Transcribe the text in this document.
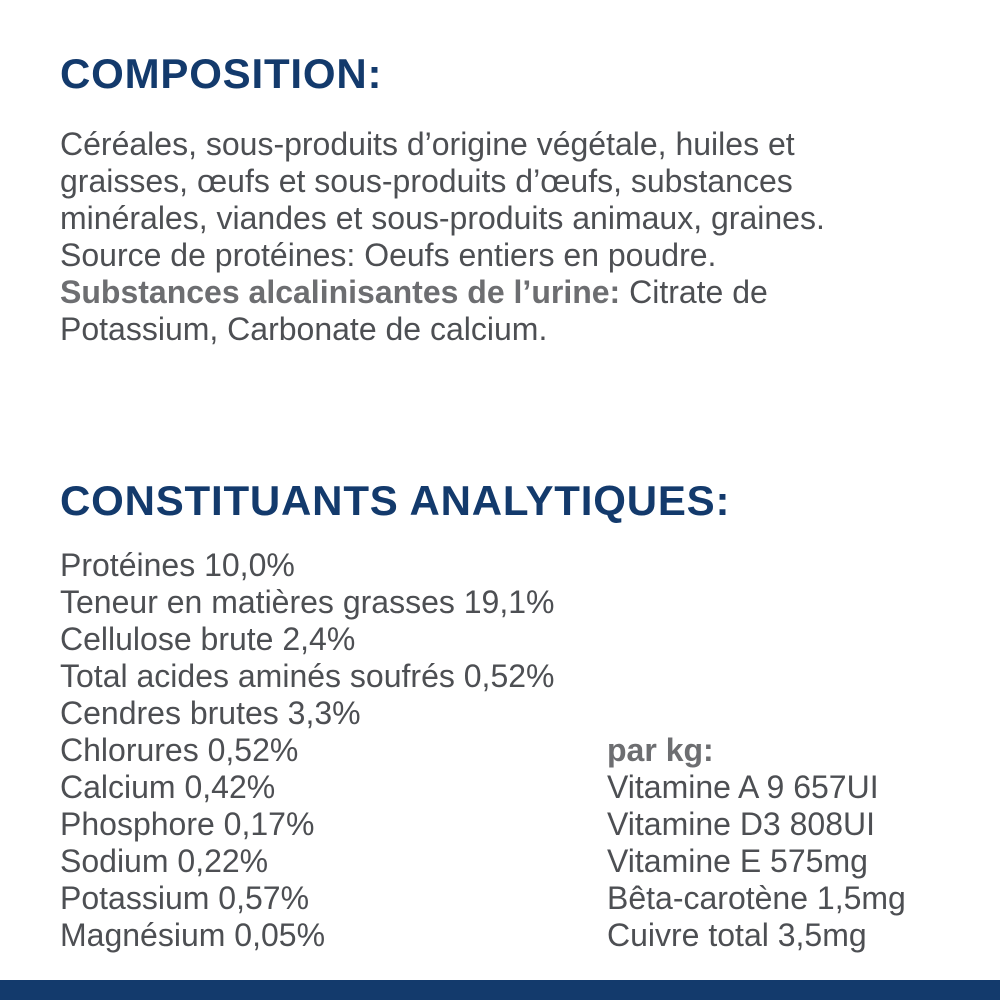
COMPOSITION:
Céréales, sous-produits d’origine végétale, huiles et
graisses, œufs et sous-produits d’œufs, substances
minérales, viandes et sous-produits animaux, graines.
Source de protéines: Oeufs entiers en poudre.
Substances alcalinisantes de l’urine: Citrate de
Potassium, Carbonate de calcium.
CONSTITUANTS ANALYTIQUES:
Protéines 10,0%
Teneur en matières grasses 19,1%
Cellulose brute 2,4%
Total acides aminés soufrés 0,52%
Cendres brutes 3,3%
Chlorures 0,52%
Calcium 0,42%
Phosphore 0,17%
Sodium 0,22%
Potassium 0,57%
Magnésium 0,05%
par kg:
Vitamine A 9 657UI
Vitamine D3 808UI
Vitamine E 575mg
Bêta-carotène 1,5mg
Cuivre total 3,5mg
